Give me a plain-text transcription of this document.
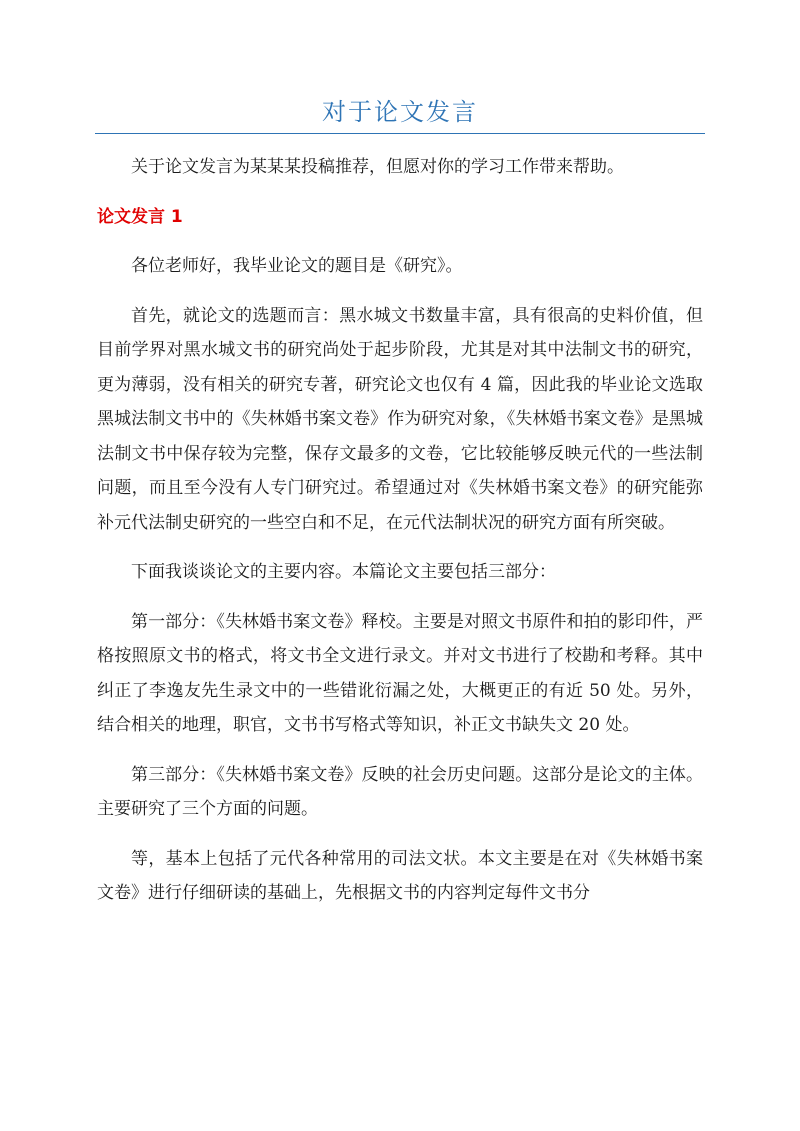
对于论文发言

关于论文发言为某某某投稿推荐，但愿对你的学习工作带来帮助。

论文发言 1

各位老师好，我毕业论文的题目是《研究》。

首先，就论文的选题而言：黑水城文书数量丰富，具有很高的史料价值，但目前学界对黑水城文书的研究尚处于起步阶段，尤其是对其中法制文书的研究，更为薄弱，没有相关的研究专著，研究论文也仅有 4 篇，因此我的毕业论文选取黑城法制文书中的《失林婚书案文卷》作为研究对象，《失林婚书案文卷》是黑城法制文书中保存较为完整，保存文最多的文卷，它比较能够反映元代的一些法制问题，而且至今没有人专门研究过。希望通过对《失林婚书案文卷》的研究能弥补元代法制史研究的一些空白和不足，在元代法制状况的研究方面有所突破。

下面我谈谈论文的主要内容。本篇论文主要包括三部分：

第一部分：《失林婚书案文卷》释校。主要是对照文书原件和拍的影印件，严格按照原文书的格式，将文书全文进行录文。并对文书进行了校勘和考释。其中纠正了李逸友先生录文中的一些错讹衍漏之处，大概更正的有近 50 处。另外，结合相关的地理，职官，文书书写格式等知识，补正文书缺失文 20 处。

第三部分：《失林婚书案文卷》反映的社会历史问题。这部分是论文的主体。主要研究了三个方面的问题。

等，基本上包括了元代各种常用的司法文状。本文主要是在对《失林婚书案文卷》进行仔细研读的基础上，先根据文书的内容判定每件文书分
